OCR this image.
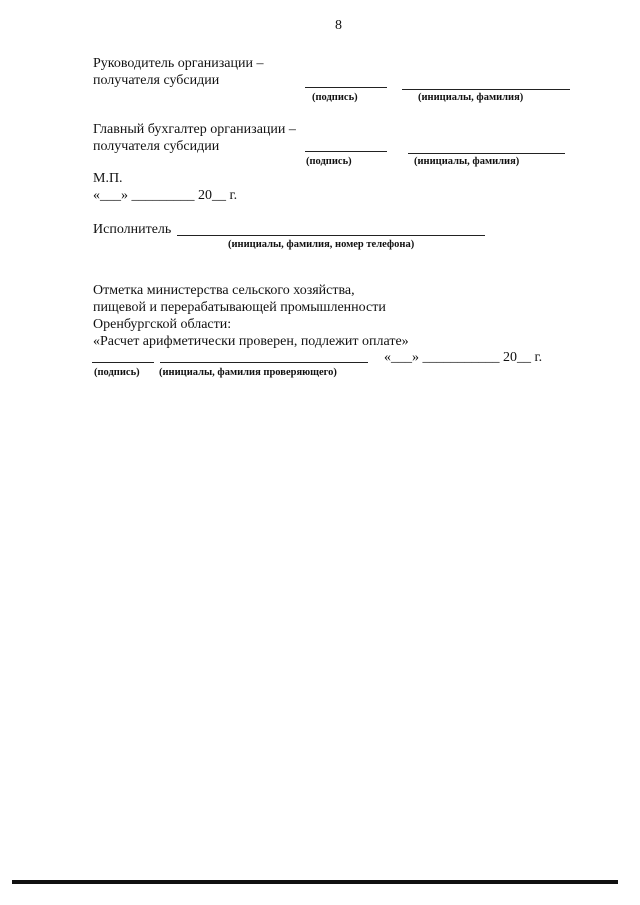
8
Руководитель организации –
получателя субсидии
(подпись)	(инициалы, фамилия)
Главный бухгалтер организации –
получателя субсидии
(подпись)	(инициалы, фамилия)
М.П.
«___» _________ 20__ г.
Исполнитель
(инициалы, фамилия, номер телефона)
Отметка министерства сельского хозяйства,
пищевой и перерабатывающей промышленности
Оренбургской области:
«Расчет арифметически проверен, подлежит оплате»
«___» ___________ 20__ г.
(подпись) (инициалы, фамилия проверяющего)
